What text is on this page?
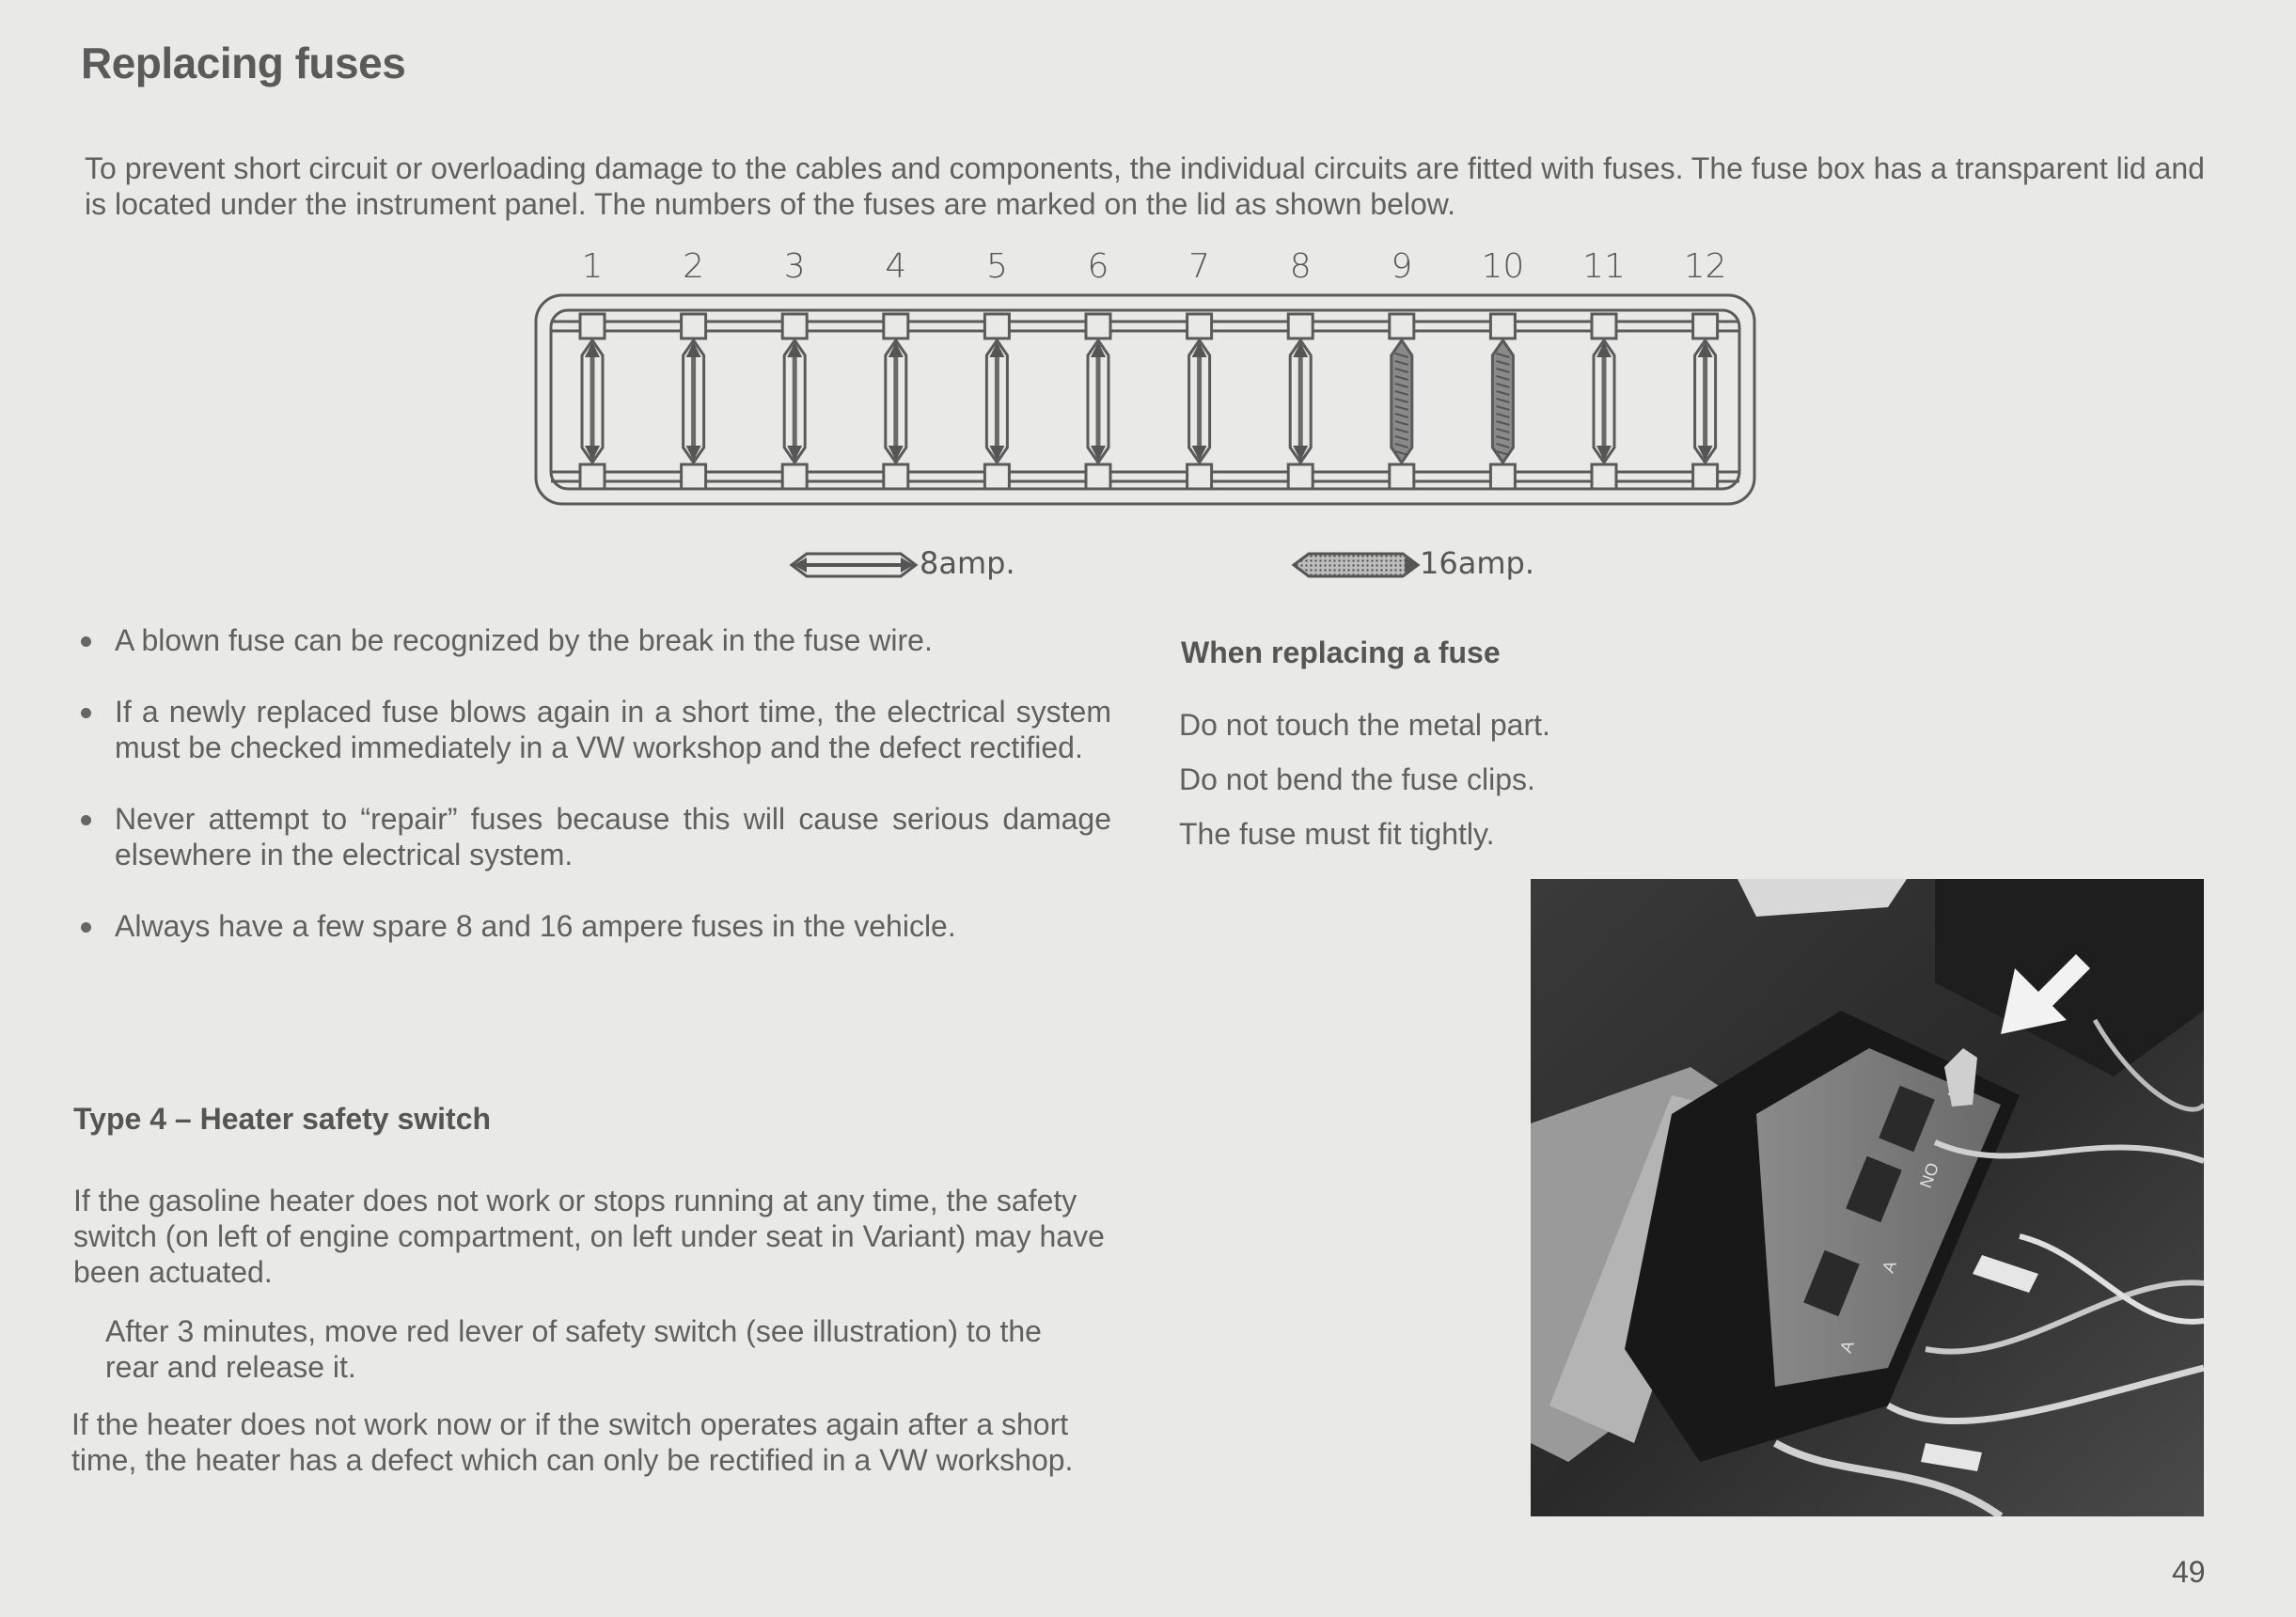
Replacing fuses

To prevent short circuit or overloading damage to the cables and components, the individual circuits are fitted with fuses. The fuse box has a transparent lid and is located under the instrument panel. The numbers of the fuses are marked on the lid as shown below.

1 2 3 4 5 6 7 8 9 10 11 12
8amp.	16amp.
A blown fuse can be recognized by the break in the fuse wire.
If a newly replaced fuse blows again in a short time, the electrical system must be checked immediately in a VW workshop and the defect rectified.
Never attempt to “repair” fuses because this will cause serious damage elsewhere in the electrical system.
Always have a few spare 8 and 16 ampere fuses in the vehicle.
When replacing a fuse

Do not touch the metal part.

Do not bend the fuse clips.

The fuse must fit tightly.

Type 4 – Heater safety switch

If the gasoline heater does not work or stops running at any time, the safety switch (on left of engine compartment, on left under seat in Variant) may have been actuated.

After 3 minutes, move red lever of safety switch (see illustration) to the rear and release it.

If the heater does not work now or if the switch operates again after a short time, the heater has a defect which can only be rectified in a VW workshop.

NO
A
A
49
